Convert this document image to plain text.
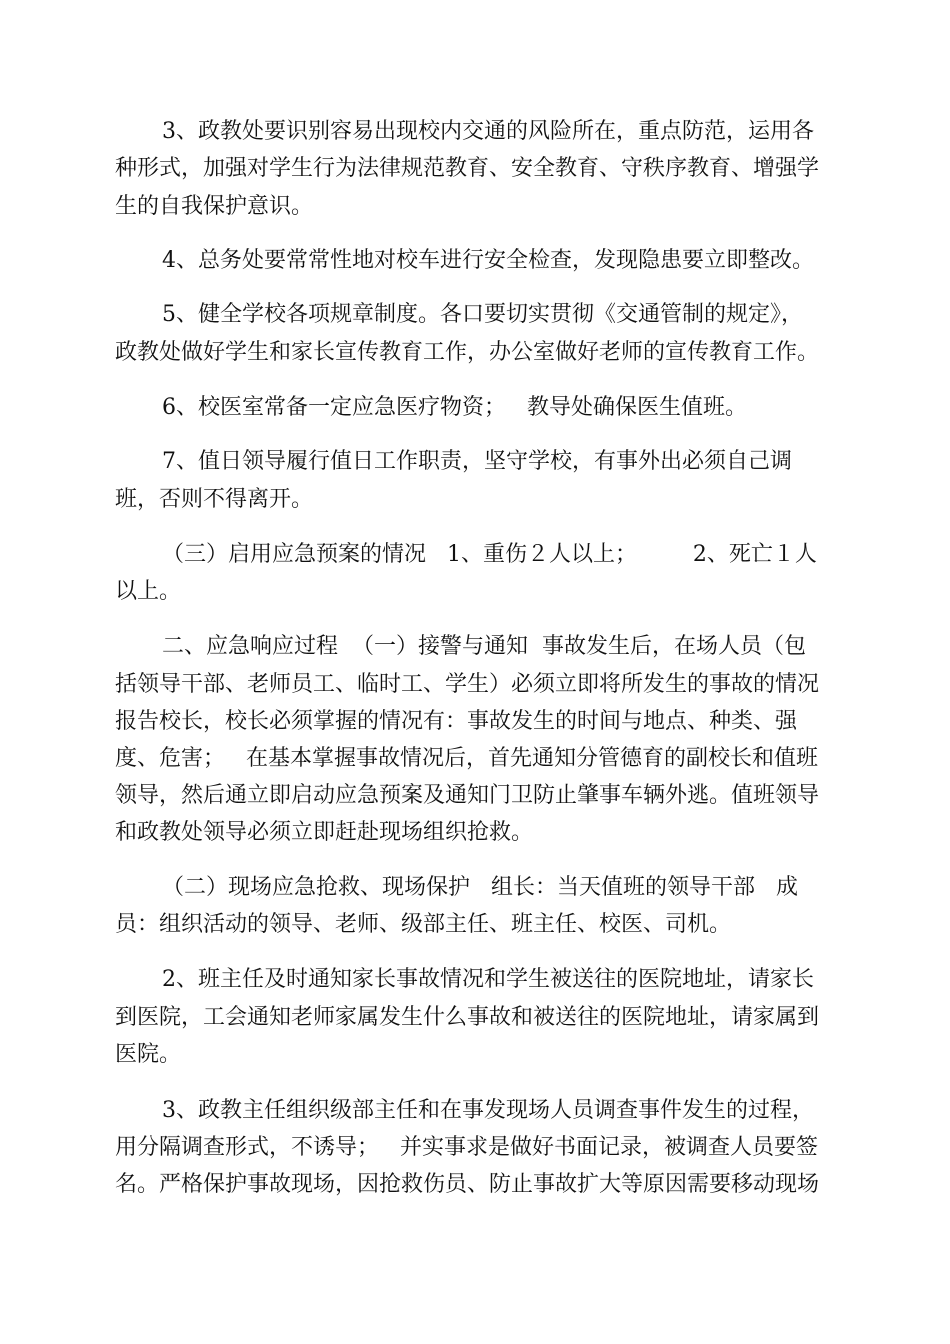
3、政教处要识别容易出现校内交通的风险所在，重点防范，运用各
种形式，加强对学生行为法律规范教育、安全教育、守秩序教育、增强学
生的自我保护意识。
4、总务处要常常性地对校车进行安全检查，发现隐患要立即整改。
5、健全学校各项规章制度。各口要切实贯彻《交通管制的规定》，
政教处做好学生和家长宣传教育工作，办公室做好老师的宣传教育工作。
6、校医室常备一定应急医疗物资；   教导处确保医生值班。
7、值日领导履行值日工作职责，坚守学校，有事外出必须自己调
班，否则不得离开。
（三）启用应急预案的情况   1、重伤２人以上；        2、死亡１人
以上。
二、应急响应过程  （一）接警与通知  事故发生后，在场人员（包
括领导干部、老师员工、临时工、学生）必须立即将所发生的事故的情况
报告校长，校长必须掌握的情况有：事故发生的时间与地点、种类、强
度、危害；   在基本掌握事故情况后，首先通知分管德育的副校长和值班
领导，然后通立即启动应急预案及通知门卫防止肇事车辆外逃。值班领导
和政教处领导必须立即赶赴现场组织抢救。
（二）现场应急抢救、现场保护   组长：当天值班的领导干部   成
员：组织活动的领导、老师、级部主任、班主任、校医、司机。
2、班主任及时通知家长事故情况和学生被送往的医院地址，请家长
到医院，工会通知老师家属发生什么事故和被送往的医院地址，请家属到
医院。
3、政教主任组织级部主任和在事发现场人员调查事件发生的过程，
用分隔调查形式，不诱导；   并实事求是做好书面记录，被调查人员要签
名。严格保护事故现场，因抢救伤员、防止事故扩大等原因需要移动现场
